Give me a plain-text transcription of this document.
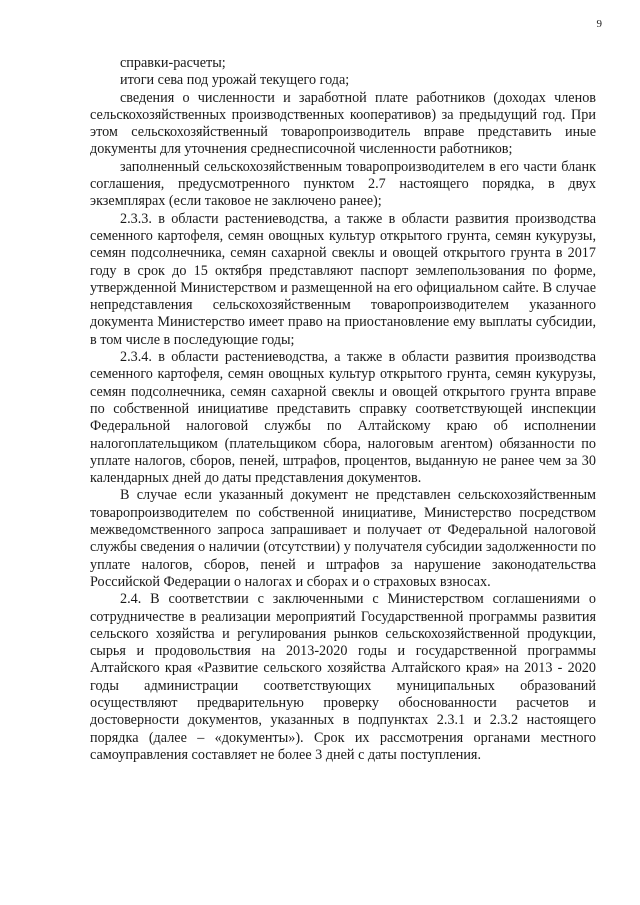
9

справки-расчеты;

итоги сева под урожай текущего года;

сведения о численности и заработной плате работников (доходах членов сельскохозяйственных производственных кооперативов) за предыдущий год. При этом сельскохозяйственный товаропроизводитель вправе представить иные документы для уточнения среднесписочной численности работников;

заполненный сельскохозяйственным товаропроизводителем в его части бланк соглашения, предусмотренного пунктом 2.7 настоящего порядка, в двух экземплярах (если таковое не заключено ранее);

2.3.3. в области растениеводства, а также в области развития производства семенного картофеля, семян овощных культур открытого грунта, семян кукурузы, семян подсолнечника, семян сахарной свеклы и овощей открытого грунта в 2017 году в срок до 15 октября представляют паспорт землепользования по форме, утвержденной Министерством и размещенной на его официальном сайте. В случае непредставления сельскохозяйственным товаропроизводителем указанного документа Министерство имеет право на приостановление ему выплаты субсидии, в том числе в последующие годы;

2.3.4. в области растениеводства, а также в области развития производства семенного картофеля, семян овощных культур открытого грунта, семян кукурузы, семян подсолнечника, семян сахарной свеклы и овощей открытого грунта вправе по собственной инициативе представить справку соответствующей инспекции Федеральной налоговой службы по Алтайскому краю об исполнении налогоплательщиком (плательщиком сбора, налоговым агентом) обязанности по уплате налогов, сборов, пеней, штрафов, процентов, выданную не ранее чем за 30 календарных дней до даты представления документов.

В случае если указанный документ не представлен сельскохозяйственным товаропроизводителем по собственной инициативе, Министерство посредством межведомственного запроса запрашивает и получает от Федеральной налоговой службы сведения о наличии (отсутствии) у получателя субсидии задолженности по уплате налогов, сборов, пеней и штрафов за нарушение законодательства Российской Федерации о налогах и сборах и о страховых взносах.

2.4. В соответствии с заключенными с Министерством соглашениями о сотрудничестве в реализации мероприятий Государственной программы развития сельского хозяйства и регулирования рынков сельскохозяйственной продукции, сырья и продовольствия на 2013-2020 годы и государственной программы Алтайского края «Развитие сельского хозяйства Алтайского края» на 2013 - 2020 годы администрации соответствующих муниципальных образований осуществляют предварительную проверку обоснованности расчетов и достоверности документов, указанных в подпунктах 2.3.1 и 2.3.2 настоящего порядка (далее – «документы»). Срок их рассмотрения органами местного самоуправления составляет не более 3 дней с даты поступления.
